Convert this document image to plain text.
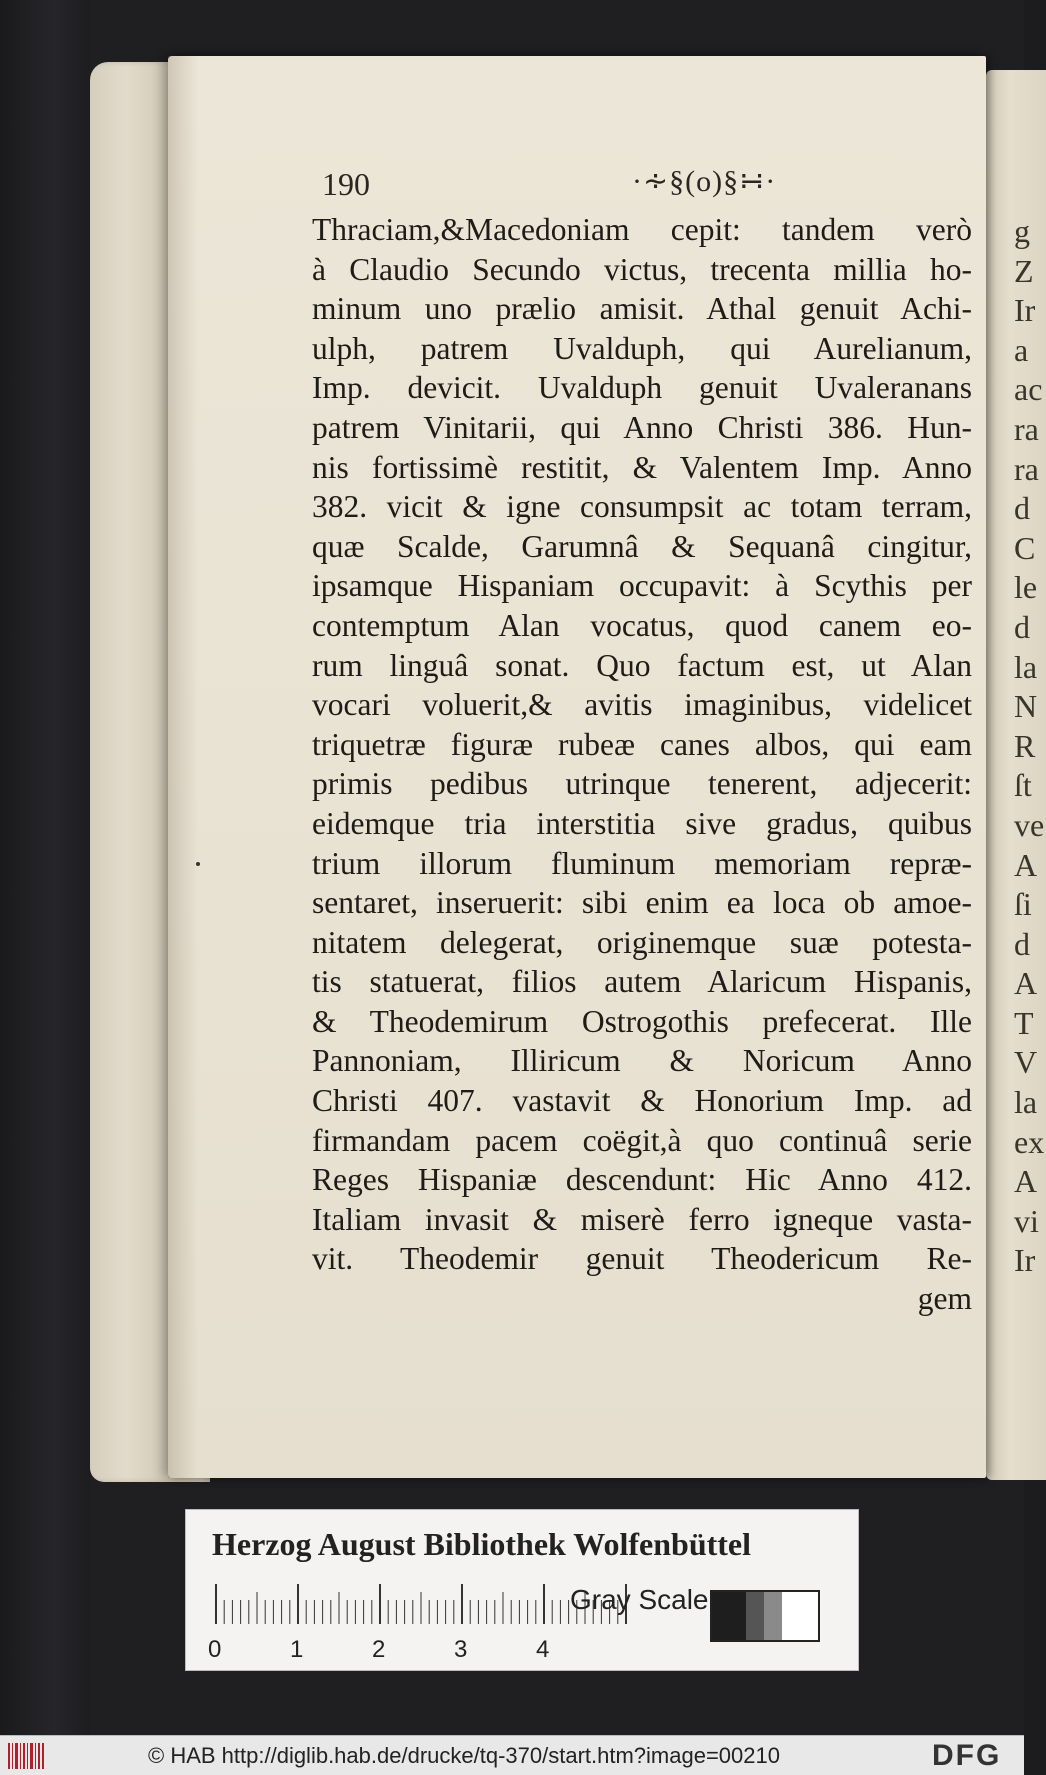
g
Z
Ir
a
ac
ra
ra
d
C
le
d
la
N
R
ſt
ve
A
ſi
d
A
T
V
la
ex
A
vi
Ir
190	·∻§(o)§∺·
Thraciam,&Macedoniam cepit: tandem verò
à Claudio Secundo victus, trecenta millia ho-
minum uno prælio amisit. Athal genuit Achi-
ulph, patrem Uvalduph, qui Aurelianum,
Imp. devicit. Uvalduph genuit Uvaleranans
patrem Vinitarii, qui Anno Christi 386. Hun-
nis fortissimè restitit, & Valentem Imp. Anno
382. vicit & igne consumpsit ac totam terram,
quæ Scalde, Garumnâ & Sequanâ cingitur,
ipsamque Hispaniam occupavit: à Scythis per
contemptum Alan vocatus, quod canem eo-
rum linguâ sonat. Quo factum est, ut Alan
vocari voluerit,& avitis imaginibus, videlicet
triquetræ figuræ rubeæ canes albos, qui eam
primis pedibus utrinque tenerent, adjecerit:
eidemque tria interstitia sive gradus, quibus
trium illorum fluminum memoriam repræ-
sentaret, inseruerit: sibi enim ea loca ob amoe-
nitatem delegerat, originemque suæ potesta-
tis statuerat, filios autem Alaricum Hispanis,
& Theodemirum Ostrogothis prefecerat. Ille
Pannoniam, Illiricum & Noricum Anno
Christi 407. vastavit & Honorium Imp. ad
firmandam pacem coëgit,à quo continuâ serie
Reges Hispaniæ descendunt: Hic Anno 412.
Italiam invasit & miserè ferro igneque vasta-
vit. Theodemir genuit Theodericum Re-
gem
Herzog August Bibliothek Wolfenbüttel
0	1	2	3	4
Gray Scale
© HAB http://diglib.hab.de/drucke/tq-370/start.htm?image=00210	DFG
